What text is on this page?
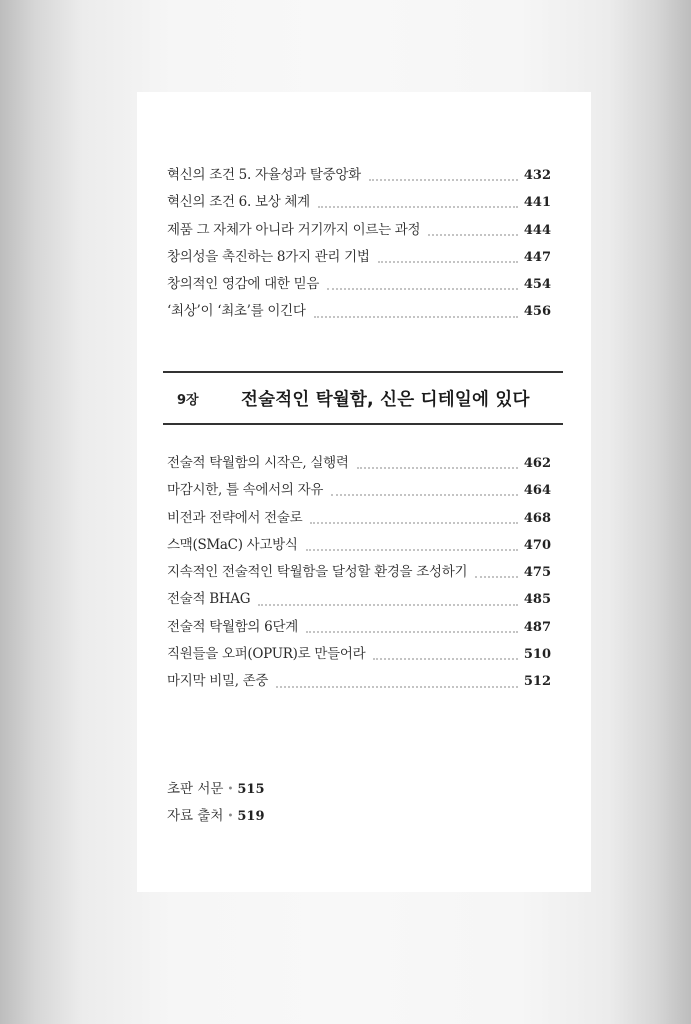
혁신의 조건 5. 자율성과 탈중앙화	432
혁신의 조건 6. 보상 체계	441
제품 그 자체가 아니라 거기까지 이르는 과정	444
창의성을 촉진하는 8가지 관리 기법	447
창의적인 영감에 대한 믿음	454
‘최상’이 ‘최초’를 이긴다	456
9장	전술적인 탁월함, 신은 디테일에 있다
전술적 탁월함의 시작은, 실행력	462
마감시한, 틀 속에서의 자유	464
비전과 전략에서 전술로	468
스맥(SMaC) 사고방식	470
지속적인 전술적인 탁월함을 달성할 환경을 조성하기	475
전술적 BHAG	485
전술적 탁월함의 6단계	487
직원들을 오퍼(OPUR)로 만들어라	510
마지막 비밀, 존중	512
초판 서문 • 515
자료 출처 • 519
